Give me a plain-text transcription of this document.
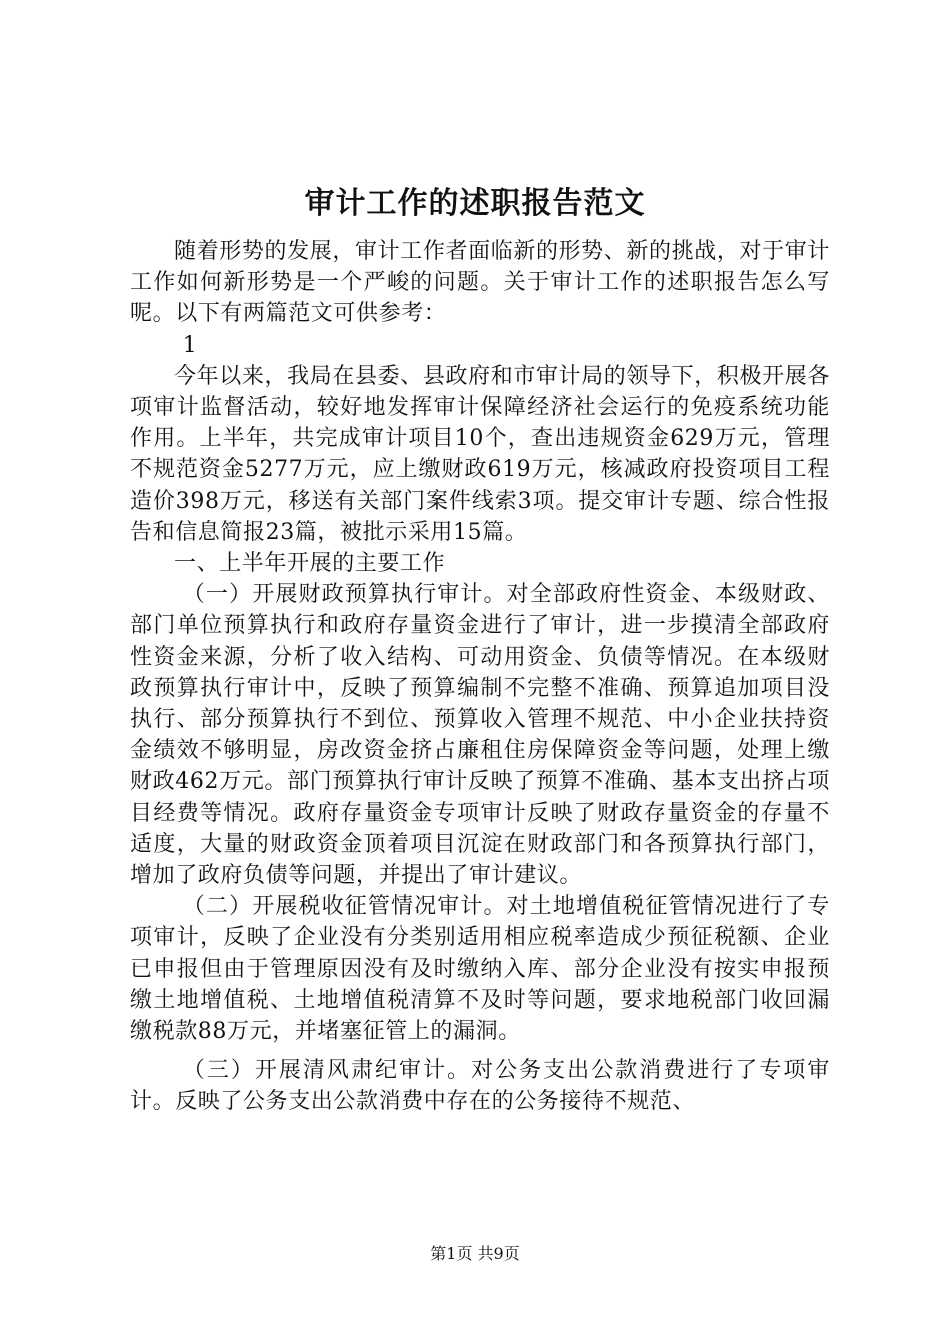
审计工作的述职报告范文

随着形势的发展，审计工作者面临新的形势、新的挑战，对于审计工作如何新形势是一个严峻的问题。关于审计工作的述职报告怎么写呢。以下有两篇范文可供参考：

1

今年以来，我局在县委、县政府和市审计局的领导下，积极开展各项审计监督活动，较好地发挥审计保障经济社会运行的免疫系统功能作用。上半年，共完成审计项目10个，查出违规资金629万元，管理不规范资金5277万元，应上缴财政619万元，核减政府投资项目工程造价398万元，移送有关部门案件线索3项。提交审计专题、综合性报告和信息简报23篇，被批示采用15篇。

一、上半年开展的主要工作

（一）开展财政预算执行审计。对全部政府性资金、本级财政、部门单位预算执行和政府存量资金进行了审计，进一步摸清全部政府性资金来源，分析了收入结构、可动用资金、负债等情况。在本级财政预算执行审计中，反映了预算编制不完整不准确、预算追加项目没执行、部分预算执行不到位、预算收入管理不规范、中小企业扶持资金绩效不够明显，房改资金挤占廉租住房保障资金等问题，处理上缴财政462万元。部门预算执行审计反映了预算不准确、基本支出挤占项目经费等情况。政府存量资金专项审计反映了财政存量资金的存量不适度，大量的财政资金顶着项目沉淀在财政部门和各预算执行部门，增加了政府负债等问题，并提出了审计建议。

（二）开展税收征管情况审计。对土地增值税征管情况进行了专项审计，反映了企业没有分类别适用相应税率造成少预征税额、企业已申报但由于管理原因没有及时缴纳入库、部分企业没有按实申报预缴土地增值税、土地增值税清算不及时等问题，要求地税部门收回漏缴税款88万元，并堵塞征管上的漏洞。

（三）开展清风肃纪审计。对公务支出公款消费进行了专项审计。反映了公务支出公款消费中存在的公务接待不规范、

第1页 共9页
